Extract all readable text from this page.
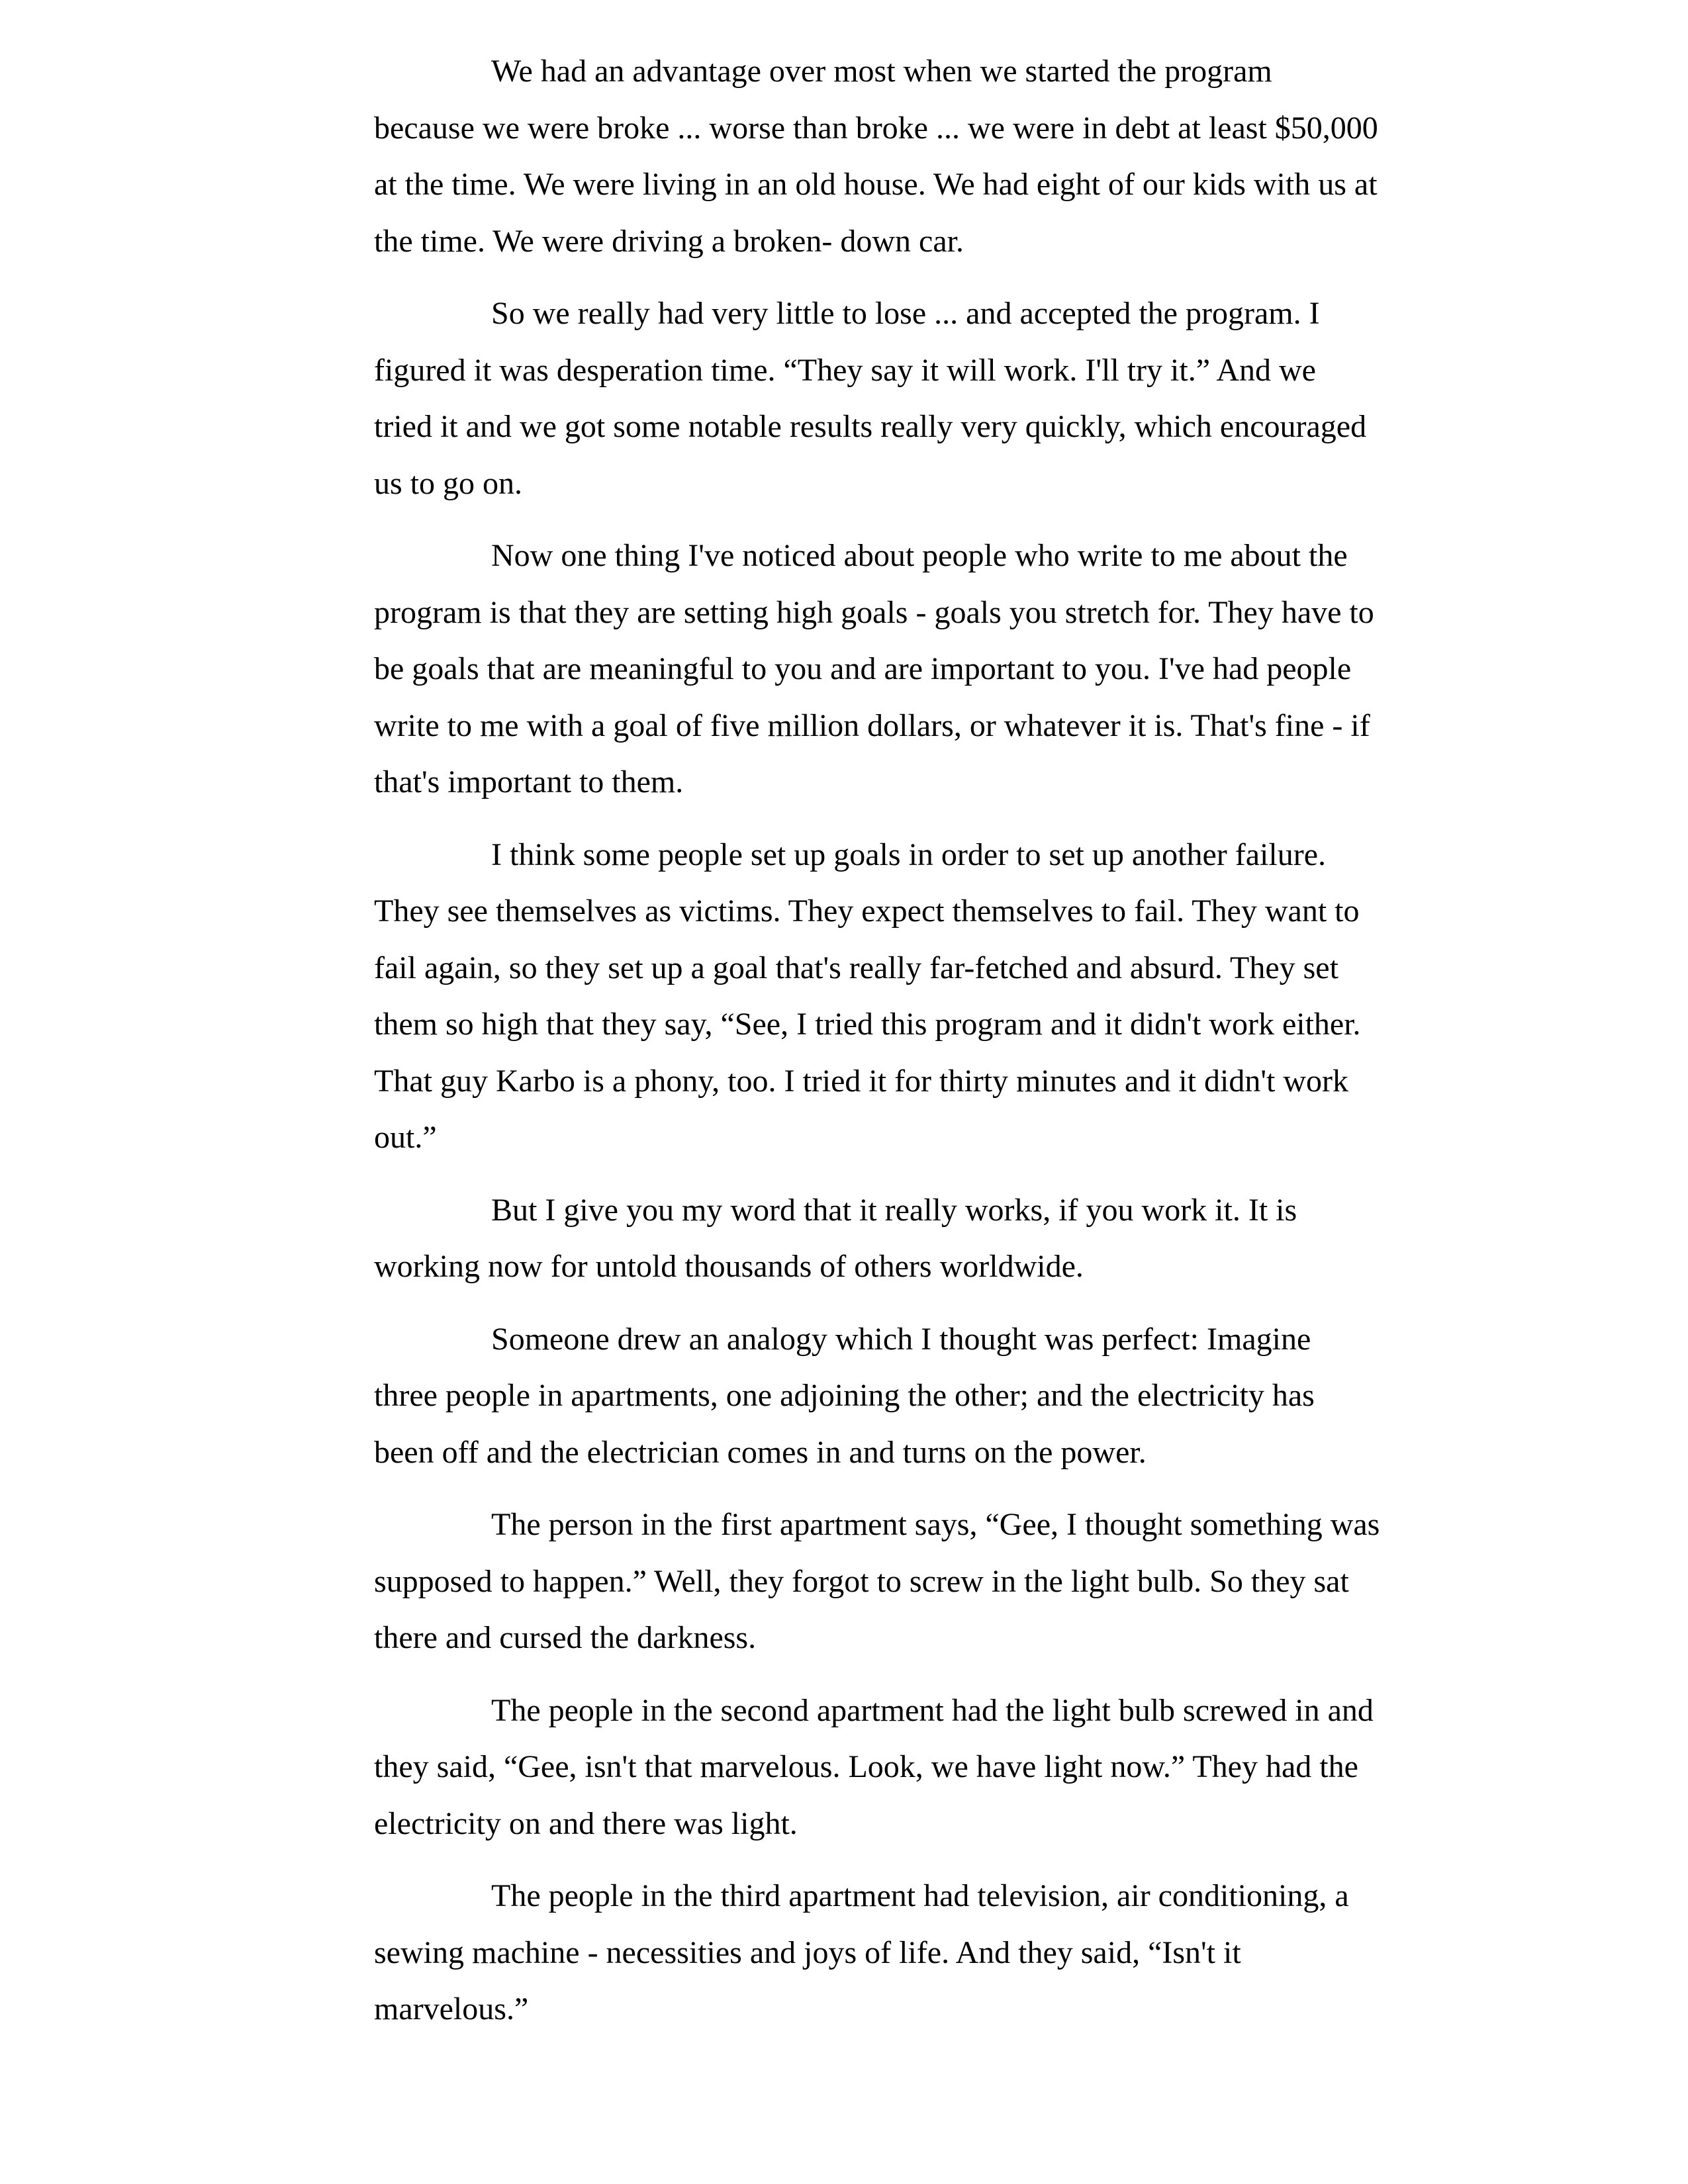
We had an advantage over most when we started the program because we were broke ... worse than broke ... we were in debt at least $50,000 at the time. We were living in an old house. We had eight of our kids with us at the time. We were driving a broken- down car.

So we really had very little to lose ... and accepted the program. I figured it was desperation time. “They say it will work. I'll try it.” And we tried it and we got some notable results really very quickly, which encouraged us to go on.

Now one thing I've noticed about people who write to me about the program is that they are setting high goals - goals you stretch for. They have to be goals that are meaningful to you and are important to you. I've had people write to me with a goal of five million dollars, or whatever it is. That's fine - if that's important to them.

I think some people set up goals in order to set up another failure. They see themselves as victims. They expect themselves to fail. They want to fail again, so they set up a goal that's really far-fetched and absurd. They set them so high that they say, “See, I tried this program and it didn't work either. That guy Karbo is a phony, too. I tried it for thirty minutes and it didn't work out.”

But I give you my word that it really works, if you work it. It is working now for untold thousands of others worldwide.

Someone drew an analogy which I thought was perfect: Imagine three people in apartments, one adjoining the other; and the electricity has been off and the electrician comes in and turns on the power.

The person in the first apartment says, “Gee, I thought something was supposed to happen.” Well, they forgot to screw in the light bulb. So they sat there and cursed the darkness.

The people in the second apartment had the light bulb screwed in and they said, “Gee, isn't that marvelous. Look, we have light now.” They had the electricity on and there was light.

The people in the third apartment had television, air conditioning, a sewing machine - necessities and joys of life. And they said, “Isn't it marvelous.”
